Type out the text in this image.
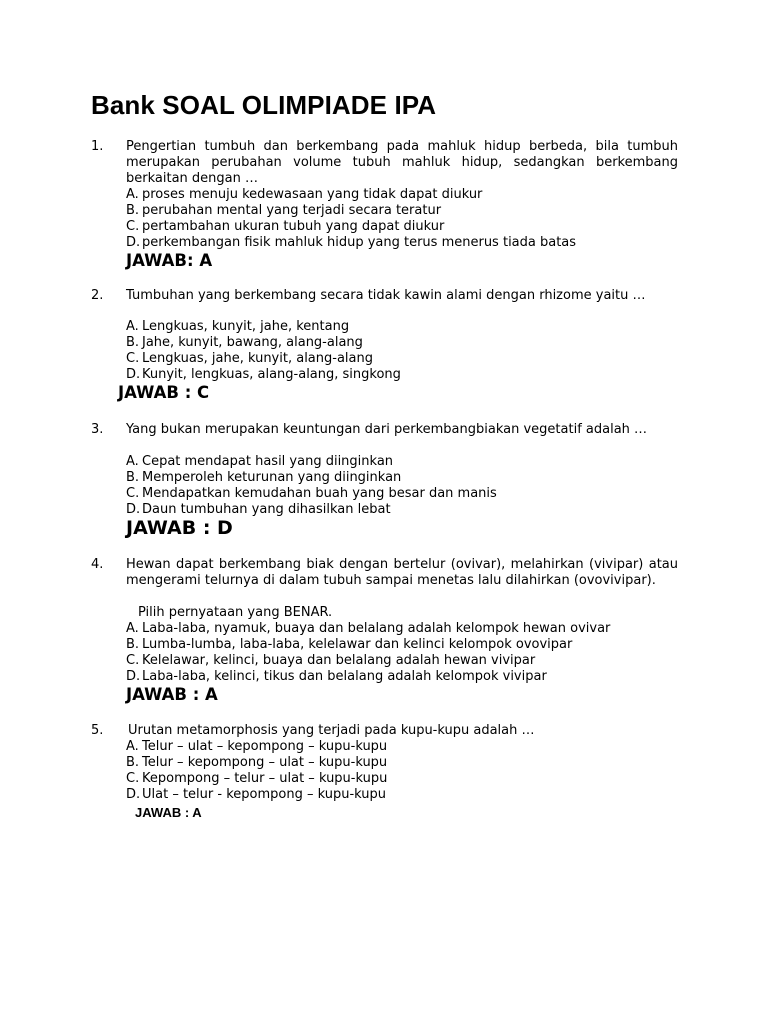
Bank SOAL OLIMPIADE IPA
1. Pengertian tumbuh dan berkembang pada mahluk hidup berbeda, bila tumbuh merupakan perubahan volume tubuh mahluk hidup, sedangkan berkembang berkaitan dengan …
A. proses menuju kedewasaan yang tidak dapat diukur
B. perubahan mental yang terjadi secara teratur
C. pertambahan ukuran tubuh yang dapat diukur
D. perkembangan fisik mahluk hidup yang terus menerus tiada batas
JAWAB: A
2. Tumbuhan yang berkembang secara tidak kawin alami dengan rhizome yaitu …
A. Lengkuas, kunyit, jahe, kentang
B. Jahe, kunyit, bawang, alang-alang
C. Lengkuas, jahe, kunyit, alang-alang
D. Kunyit, lengkuas, alang-alang, singkong
JAWAB : C
3. Yang bukan merupakan keuntungan dari perkembangbiakan vegetatif adalah …
A. Cepat mendapat hasil yang diinginkan
B. Memperoleh keturunan yang diinginkan
C. Mendapatkan kemudahan buah yang besar dan manis
D. Daun tumbuhan yang dihasilkan lebat
JAWAB : D
4. Hewan dapat berkembang biak dengan bertelur (ovivar), melahirkan (vivipar) atau mengerami telurnya di dalam tubuh sampai menetas lalu dilahirkan (ovovivipar).
Pilih pernyataan yang BENAR.
A. Laba-laba, nyamuk, buaya dan belalang adalah kelompok hewan ovivar
B. Lumba-lumba, laba-laba, kelelawar dan kelinci kelompok ovovipar
C. Kelelawar, kelinci, buaya dan belalang adalah hewan vivipar
D. Laba-laba, kelinci, tikus dan belalang adalah kelompok vivipar
JAWAB : A
5. Urutan metamorphosis yang terjadi pada kupu-kupu adalah …
A. Telur – ulat – kepompong – kupu-kupu
B. Telur – kepompong – ulat – kupu-kupu
C. Kepompong – telur – ulat – kupu-kupu
D. Ulat – telur - kepompong – kupu-kupu
JAWAB : A
